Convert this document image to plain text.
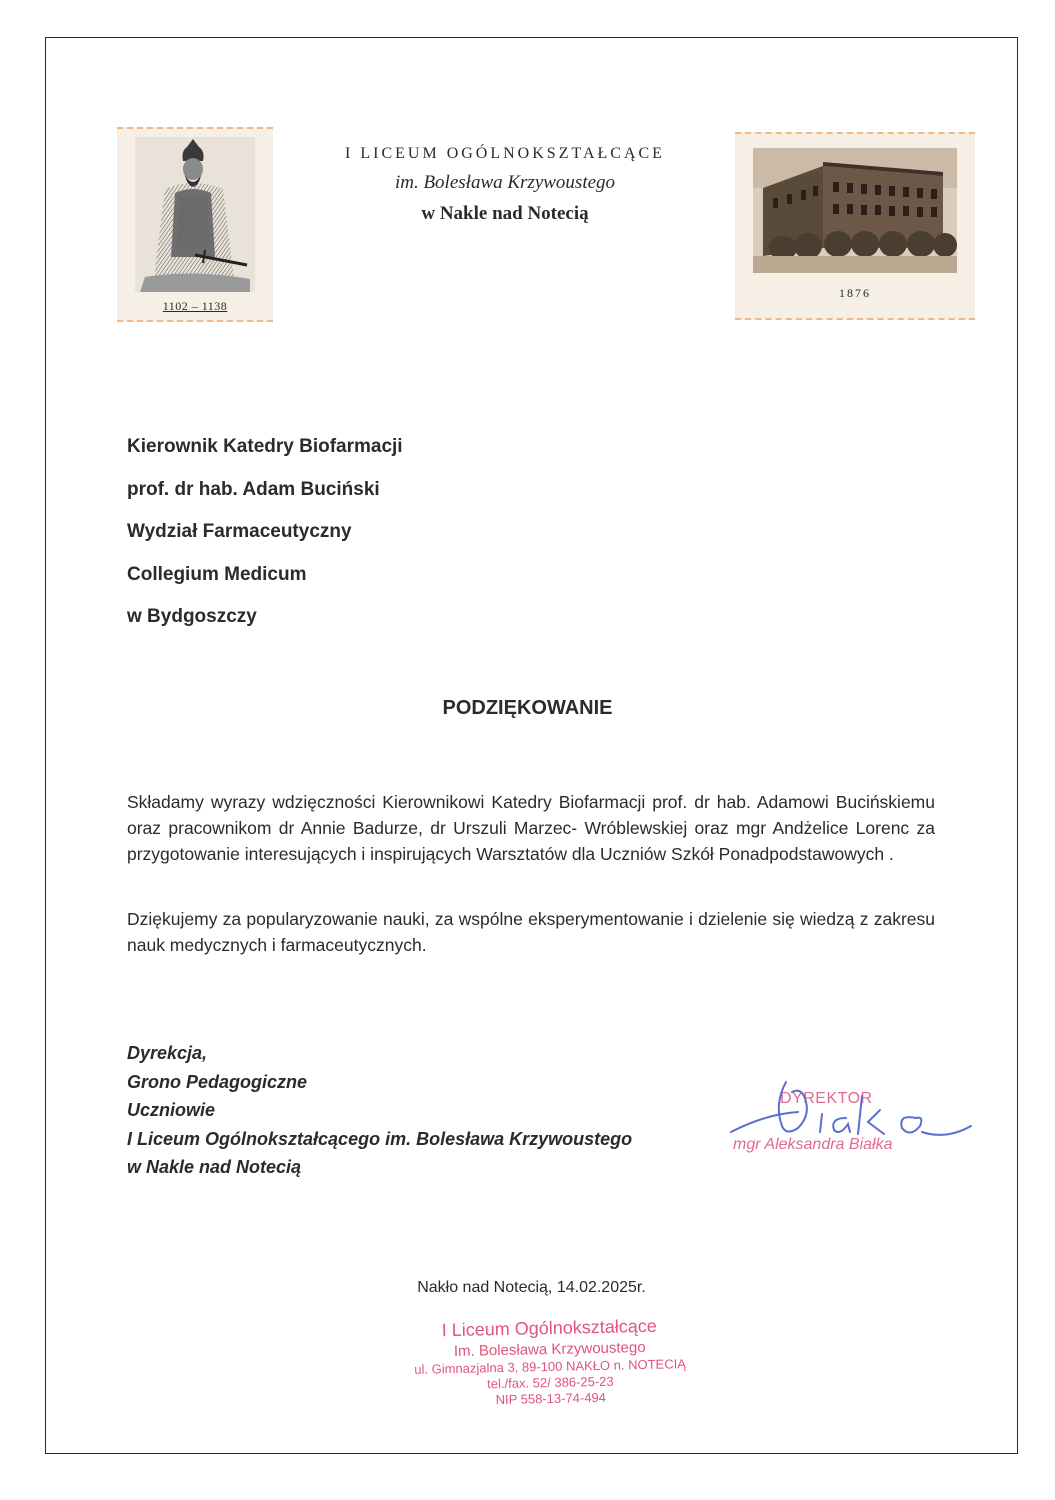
1102 – 1138
I LICEUM OGÓLNOKSZTAŁCĄCE
im. Bolesława Krzywoustego
w Nakle nad Notecią
1876
Kierownik Katedry Biofarmacji
prof. dr hab. Adam Buciński
Wydział Farmaceutyczny
Collegium Medicum
w Bydgoszczy
PODZIĘKOWANIE
Składamy wyrazy wdzięczności Kierownikowi Katedry Biofarmacji prof. dr hab. Adamowi Bucińskiemu oraz pracownikom dr Annie Badurze, dr Urszuli Marzec- Wróblewskiej oraz mgr Andżelice Lorenc za przygotowanie interesujących i inspirujących Warsztatów dla Uczniów Szkół Ponadpodstawowych .
Dziękujemy za popularyzowanie nauki, za wspólne eksperymentowanie i dzielenie się wiedzą z zakresu nauk medycznych i farmaceutycznych.
Dyrekcja,
Grono Pedagogiczne
Uczniowie
I Liceum Ogólnokształcącego im. Bolesława Krzywoustego
w Nakle nad Notecią
DYREKTOR
mgr Aleksandra Białka
Nakło nad Notecią, 14.02.2025r.
I Liceum Ogólnokształcące
Im. Bolesława Krzywoustego
ul. Gimnazjalna 3, 89-100 NAKŁO n. NOTECIĄ
tel./fax. 52/ 386-25-23
NIP 558-13-74-494
